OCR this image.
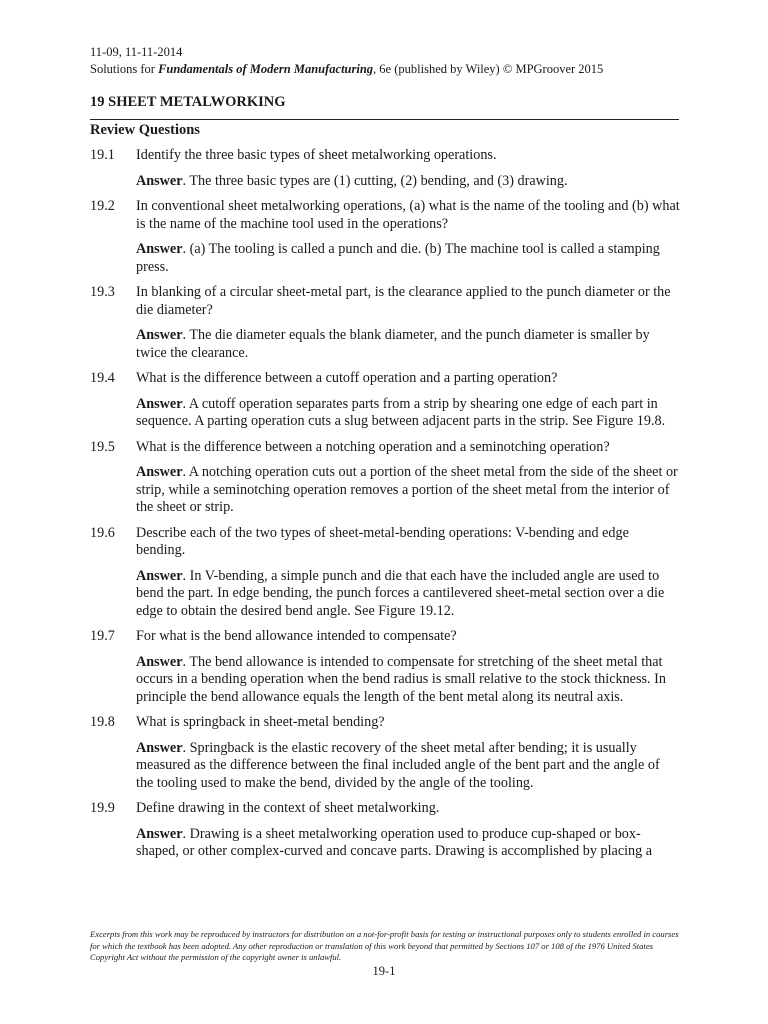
11-09, 11-11-2014
Solutions for Fundamentals of Modern Manufacturing, 6e (published by Wiley) © MPGroover 2015
19 SHEET METALWORKING
Review Questions
19.1	Identify the three basic types of sheet metalworking operations.
Answer. The three basic types are (1) cutting, (2) bending, and (3) drawing.
19.2	In conventional sheet metalworking operations, (a) what is the name of the tooling and (b) what is the name of the machine tool used in the operations?
Answer. (a) The tooling is called a punch and die. (b) The machine tool is called a stamping press.
19.3	In blanking of a circular sheet-metal part, is the clearance applied to the punch diameter or the die diameter?
Answer. The die diameter equals the blank diameter, and the punch diameter is smaller by twice the clearance.
19.4	What is the difference between a cutoff operation and a parting operation?
Answer. A cutoff operation separates parts from a strip by shearing one edge of each part in sequence. A parting operation cuts a slug between adjacent parts in the strip. See Figure 19.8.
19.5	What is the difference between a notching operation and a seminotching operation?
Answer. A notching operation cuts out a portion of the sheet metal from the side of the sheet or strip, while a seminotching operation removes a portion of the sheet metal from the interior of the sheet or strip.
19.6	Describe each of the two types of sheet-metal-bending operations: V-bending and edge bending.
Answer. In V-bending, a simple punch and die that each have the included angle are used to bend the part. In edge bending, the punch forces a cantilevered sheet-metal section over a die edge to obtain the desired bend angle. See Figure 19.12.
19.7	For what is the bend allowance intended to compensate?
Answer. The bend allowance is intended to compensate for stretching of the sheet metal that occurs in a bending operation when the bend radius is small relative to the stock thickness. In principle the bend allowance equals the length of the bent metal along its neutral axis.
19.8	What is springback in sheet-metal bending?
Answer. Springback is the elastic recovery of the sheet metal after bending; it is usually measured as the difference between the final included angle of the bent part and the angle of the tooling used to make the bend, divided by the angle of the tooling.
19.9	Define drawing in the context of sheet metalworking.
Answer. Drawing is a sheet metalworking operation used to produce cup-shaped or box-shaped, or other complex-curved and concave parts. Drawing is accomplished by placing a
Excerpts from this work may be reproduced by instructors for distribution on a not-for-profit basis for testing or instructional purposes only to students enrolled in courses for which the textbook has been adopted. Any other reproduction or translation of this work beyond that permitted by Sections 107 or 108 of the 1976 United States Copyright Act without the permission of the copyright owner is unlawful.
19-1
